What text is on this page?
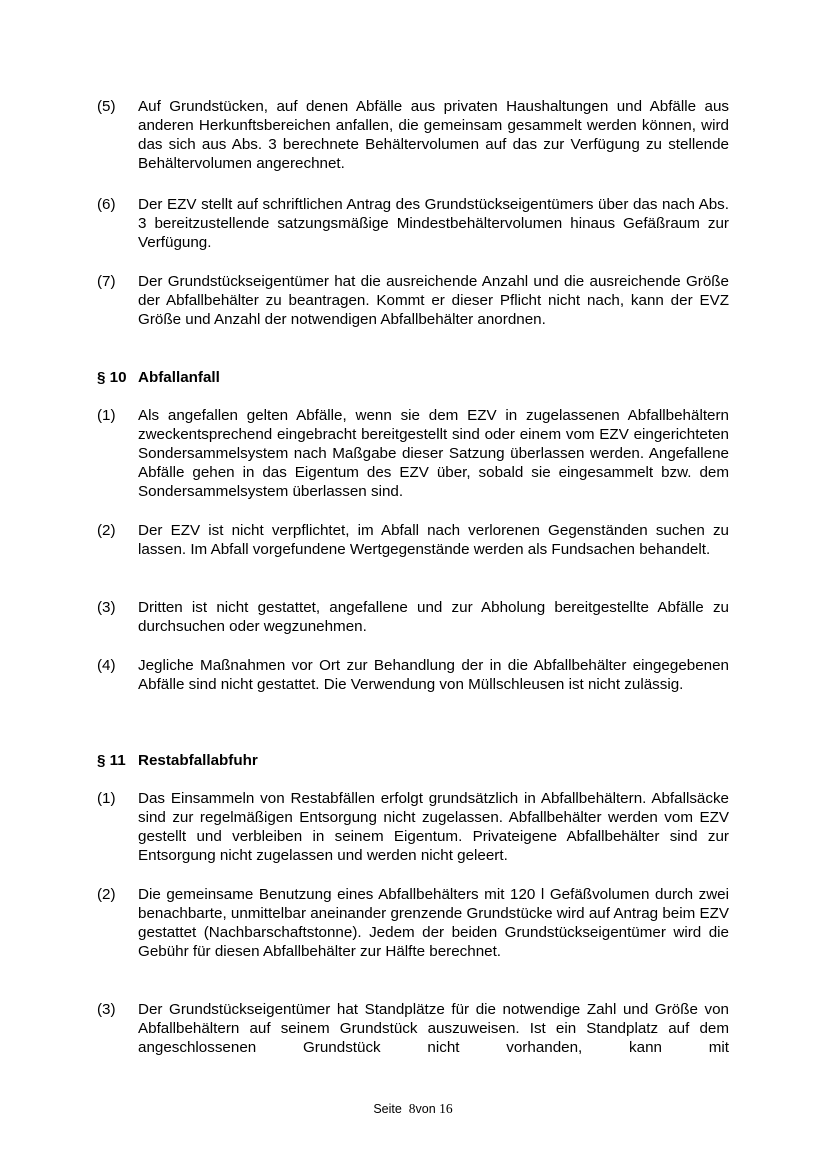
(5)	Auf Grundstücken, auf denen Abfälle aus privaten Haushaltungen und Abfälle aus anderen Herkunftsbereichen anfallen, die gemeinsam gesammelt werden können, wird das sich aus Abs. 3 berechnete Behältervolumen auf das zur Verfügung zu stellende Behältervolumen angerechnet.
(6)	Der EZV stellt auf schriftlichen Antrag des Grundstückseigentümers über das nach Abs. 3 bereitzustellende satzungsmäßige Mindestbehältervolumen hinaus Gefäßraum zur Verfügung.
(7)	Der Grundstückseigentümer hat die ausreichende Anzahl und die ausreichende Größe der Abfallbehälter zu beantragen. Kommt er dieser Pflicht nicht nach, kann der EVZ Größe und Anzahl der notwendigen Abfallbehälter anordnen.
§ 10 Abfallanfall
(1)	Als angefallen gelten Abfälle, wenn sie dem EZV in zugelassenen Abfallbehältern zweckentsprechend eingebracht bereitgestellt sind oder einem vom EZV eingerichteten Sondersammelsystem nach Maßgabe dieser Satzung überlassen werden. Angefallene Abfälle gehen in das Eigentum des EZV über, sobald sie eingesammelt bzw. dem Sondersammelsystem überlassen sind.
(2)	Der EZV ist nicht verpflichtet, im Abfall nach verlorenen Gegenständen suchen zu lassen. Im Abfall vorgefundene Wertgegenstände werden als Fundsachen behandelt.
(3)	Dritten ist nicht gestattet, angefallene und zur Abholung bereitgestellte Abfälle zu durchsuchen oder wegzunehmen.
(4)	Jegliche Maßnahmen vor Ort zur Behandlung der in die Abfallbehälter eingegebenen Abfälle sind nicht gestattet. Die Verwendung von Müllschleusen ist nicht zulässig.
§ 11 Restabfallabfuhr
(1)	Das Einsammeln von Restabfällen erfolgt grundsätzlich in Abfallbehältern. Abfallsäcke sind zur regelmäßigen Entsorgung nicht zugelassen. Abfallbehälter werden vom EZV gestellt und verbleiben in seinem Eigentum. Privateigene Abfallbehälter sind zur Entsorgung nicht zugelassen und werden nicht geleert.
(2)	Die gemeinsame Benutzung eines Abfallbehälters mit 120 l Gefäßvolumen durch zwei benachbarte, unmittelbar aneinander grenzende Grundstücke wird auf Antrag beim EZV gestattet (Nachbarschaftstonne). Jedem der beiden Grundstückseigentümer wird die Gebühr für diesen Abfallbehälter zur Hälfte berechnet.
(3)	Der Grundstückseigentümer hat Standplätze für die notwendige Zahl und Größe von Abfallbehältern auf seinem Grundstück auszuweisen. Ist ein Standplatz auf dem angeschlossenen Grundstück nicht vorhanden, kann mit
Seite 8von 16
